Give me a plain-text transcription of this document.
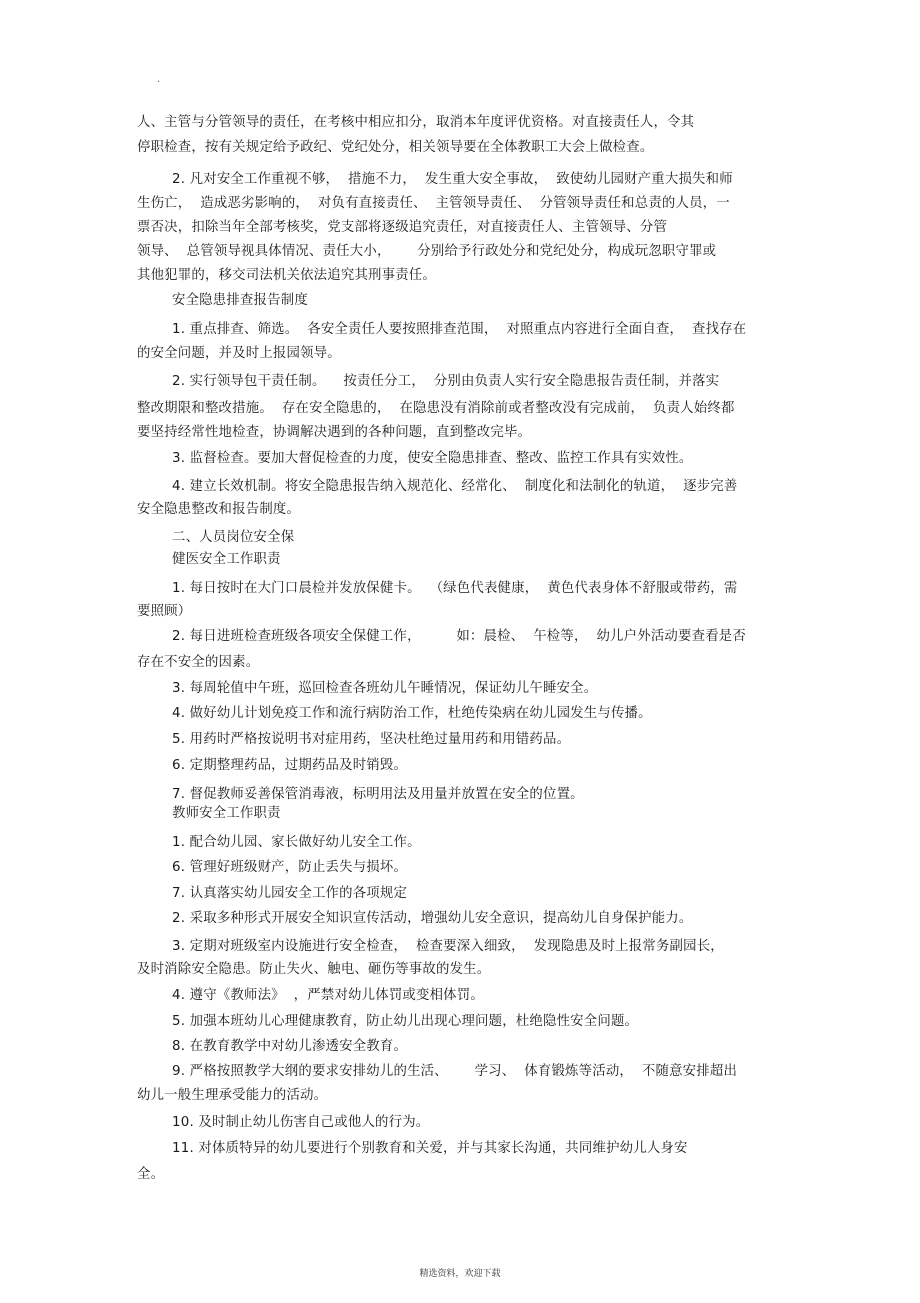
.
人、主管与分管领导的责任，在考核中相应扣分，取消本年度评优资格。对直接责任人，令其
停职检查，按有关规定给予政纪、党纪处分，相关领导要在全体教职工大会上做检查。
2. 凡对安全工作重视不够，  措施不力，  发生重大安全事故，  致使幼儿园财产重大损失和师
生伤亡，  造成恶劣影响的，  对负有直接责任、  主管领导责任、  分管领导责任和总责的人员，一
票否决，扣除当年全部考核奖，党支部将逐级追究责任，对直接责任人、主管领导、分管
领导、  总管领导视具体情况、责任大小，      分别给予行政处分和党纪处分，构成玩忽职守罪或
其他犯罪的，移交司法机关依法追究其刑事责任。
安全隐患排查报告制度
1. 重点排查、筛选。  各安全责任人要按照排查范围，  对照重点内容进行全面自查，  查找存在
的安全问题，并及时上报园领导。
2. 实行领导包干责任制。    按责任分工，  分别由负责人实行安全隐患报告责任制，并落实
整改期限和整改措施。  存在安全隐患的，  在隐患没有消除前或者整改没有完成前，  负责人始终都
要坚持经常性地检查，协调解决遇到的各种问题，直到整改完毕。
3. 监督检查。要加大督促检查的力度，使安全隐患排查、整改、监控工作具有实效性。
4. 建立长效机制。将安全隐患报告纳入规范化、经常化、  制度化和法制化的轨道，  逐步完善
安全隐患整改和报告制度。
二、人员岗位安全保
健医安全工作职责
1. 每日按时在大门口晨检并发放保健卡。  （绿色代表健康，  黄色代表身体不舒服或带药，需
要照顾）
2. 每日进班检查班级各项安全保健工作，        如：晨检、  午检等，  幼儿户外活动要查看是否
存在不安全的因素。
3. 每周轮值中午班，巡回检查各班幼儿午睡情况，保证幼儿午睡安全。
4. 做好幼儿计划免疫工作和流行病防治工作，杜绝传染病在幼儿园发生与传播。
5. 用药时严格按说明书对症用药，坚决杜绝过量用药和用错药品。
6. 定期整理药品，过期药品及时销毁。
7. 督促教师妥善保管消毒液，标明用法及用量并放置在安全的位置。
教师安全工作职责
1. 配合幼儿园、家长做好幼儿安全工作。
6. 管理好班级财产，防止丢失与损坏。
7. 认真落实幼儿园安全工作的各项规定
2. 采取多种形式开展安全知识宣传活动，增强幼儿安全意识，提高幼儿自身保护能力。
3. 定期对班级室内设施进行安全检查，  检查要深入细致，  发现隐患及时上报常务副园长，
及时消除安全隐患。防止失火、触电、砸伤等事故的发生。
4. 遵守《教师法》  ，严禁对幼儿体罚或变相体罚。
5. 加强本班幼儿心理健康教育，防止幼儿出现心理问题，杜绝隐性安全问题。
8. 在教育教学中对幼儿渗透安全教育。
9. 严格按照教学大纲的要求安排幼儿的生活、      学习、  体育锻炼等活动，  不随意安排超出
幼儿一般生理承受能力的活动。
10. 及时制止幼儿伤害自己或他人的行为。
11. 对体质特异的幼儿要进行个别教育和关爱，并与其家长沟通，共同维护幼儿人身安
全。
精选资料，欢迎下载
